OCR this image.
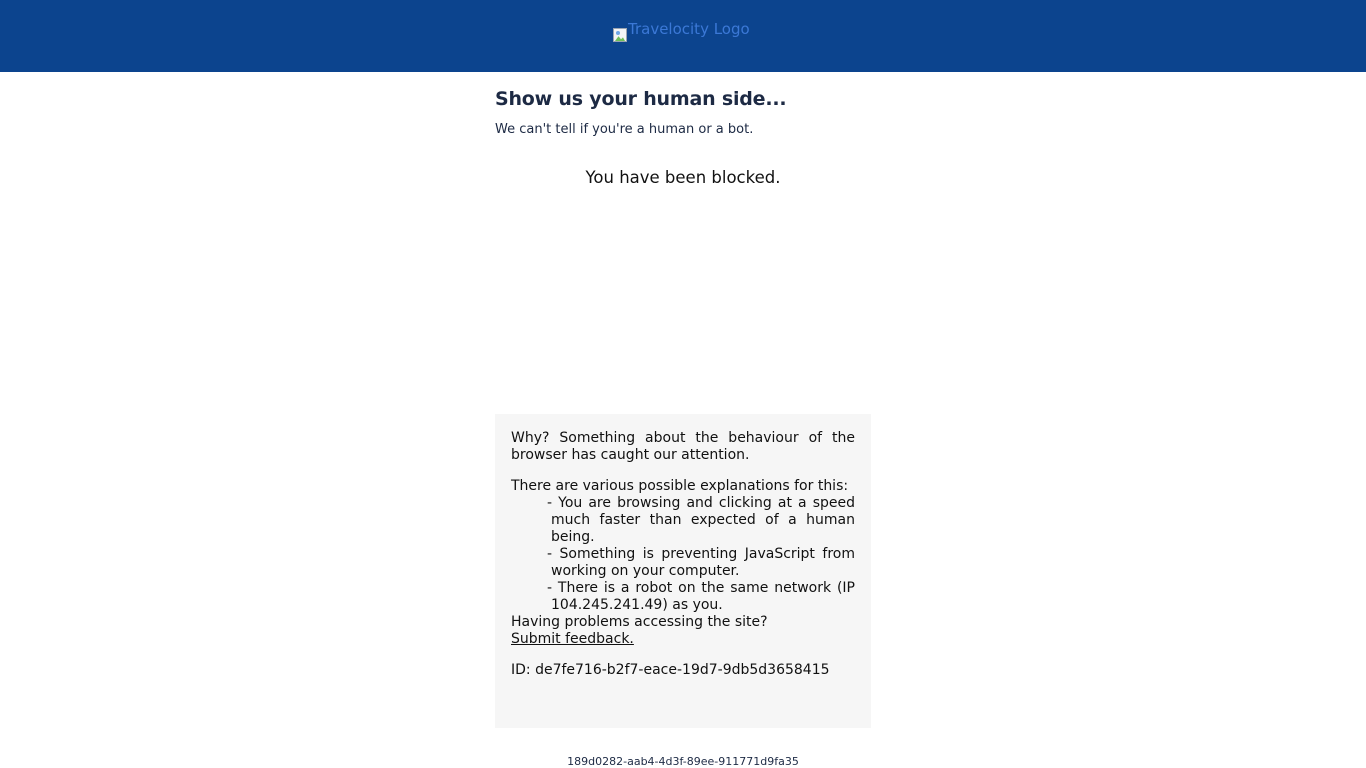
Travelocity Logo
Show us your human side...

We can't tell if you're a human or a bot.

You have been blocked.

Why? Something about the behaviour of the browser has caught our attention.

There are various possible explanations for this:

- You are browsing and clicking at a speed much faster than expected of a human being.

- Something is preventing JavaScript from working on your computer.

- There is a robot on the same network (IP 104.245.241.49) as you.

Having problems accessing the site?

Submit feedback.

ID: de7fe716-b2f7-eace-19d7-9db5d3658415

189d0282-aab4-4d3f-89ee-911771d9fa35
